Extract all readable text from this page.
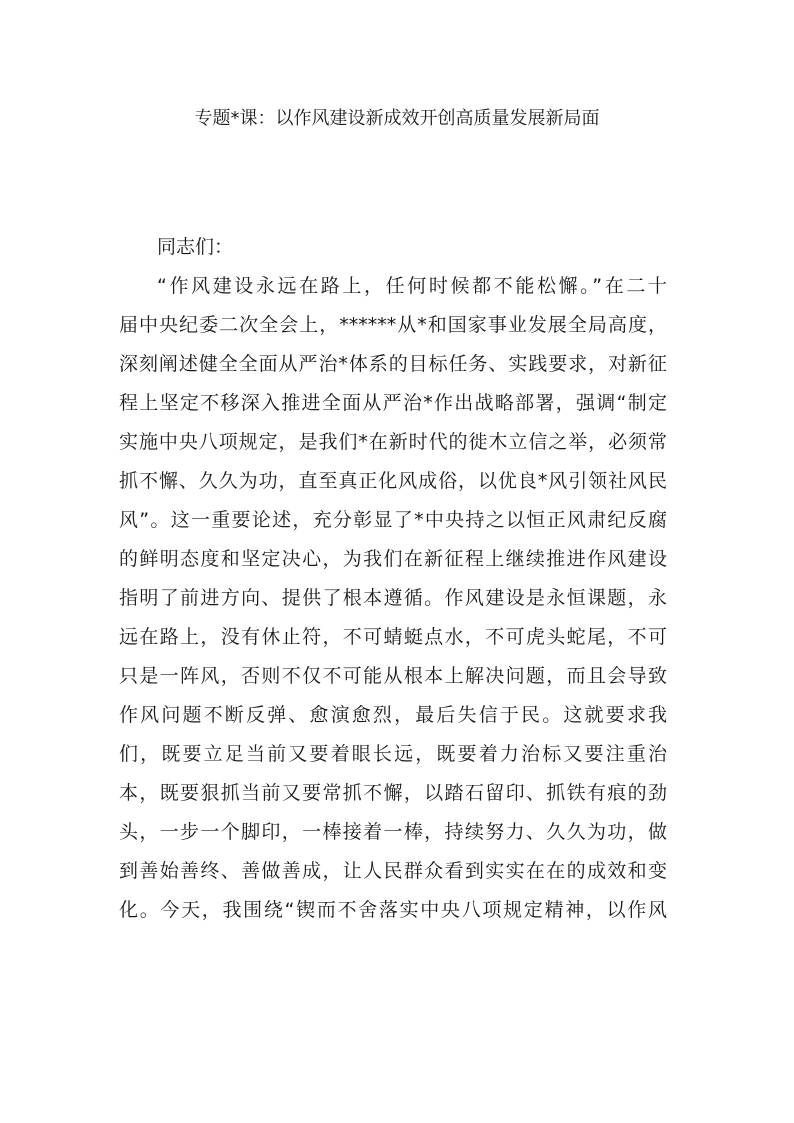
专题*课：以作风建设新成效开创高质量发展新局面
同志们：
“作风建设永远在路上，任何时候都不能松懈。”在二十
届中央纪委二次全会上，******从*和国家事业发展全局高度，
深刻阐述健全全面从严治*体系的目标任务、实践要求，对新征
程上坚定不移深入推进全面从严治*作出战略部署，强调“制定
实施中央八项规定，是我们*在新时代的徙木立信之举，必须常
抓不懈、久久为功，直至真正化风成俗，以优良*风引领社风民
风”。这一重要论述，充分彰显了*中央持之以恒正风肃纪反腐
的鲜明态度和坚定决心，为我们在新征程上继续推进作风建设
指明了前进方向、提供了根本遵循。作风建设是永恒课题，永
远在路上，没有休止符，不可蜻蜓点水，不可虎头蛇尾，不可
只是一阵风，否则不仅不可能从根本上解决问题，而且会导致
作风问题不断反弹、愈演愈烈，最后失信于民。这就要求我
们，既要立足当前又要着眼长远，既要着力治标又要注重治
本，既要狠抓当前又要常抓不懈，以踏石留印、抓铁有痕的劲
头，一步一个脚印，一棒接着一棒，持续努力、久久为功，做
到善始善终、善做善成，让人民群众看到实实在在的成效和变
化。今天，我围绕“锲而不舍落实中央八项规定精神，以作风
